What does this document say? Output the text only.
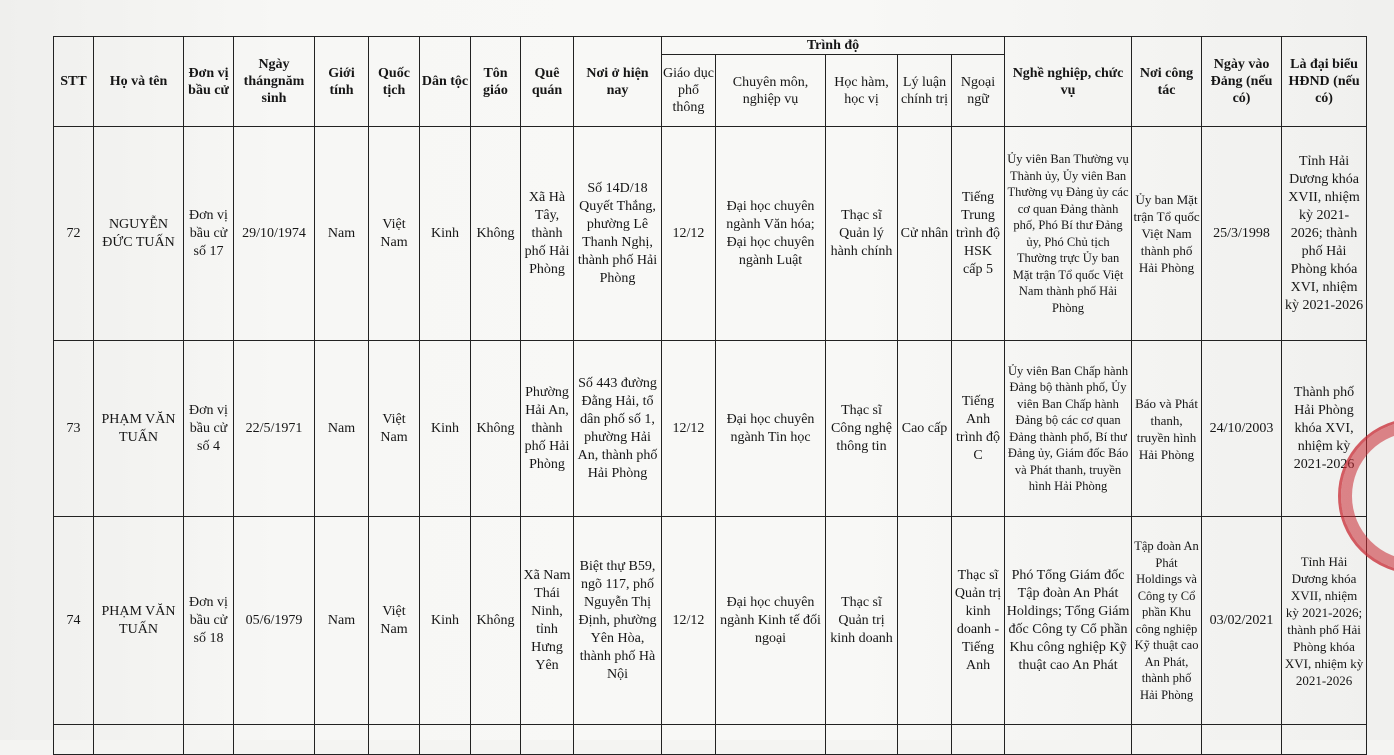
STT	Họ và tên	Đơn vị bầu cử	Ngày thángnăm sinh	Giới tính	Quốc tịch	Dân tộc	Tôn giáo	Quê quán	Nơi ở hiện nay	Trình độ					Nghề nghiệp, chức vụ	Nơi công tác	Ngày vào Đảng (nếu có)	Là đại biểu HĐND (nếu có)
										Giáo dục phổ thông	Chuyên môn, nghiệp vụ	Học hàm, học vị	Lý luận chính trị	Ngoại ngữ				
72	NGUYỄN ĐỨC TUẤN	Đơn vị bầu cử số 17	29/10/1974	Nam	Việt Nam	Kinh	Không	Xã Hà Tây, thành phố Hải Phòng	Số 14D/18 Quyết Thắng, phường Lê Thanh Nghị, thành phố Hải Phòng	12/12	Đại học chuyên ngành Văn hóa; Đại học chuyên ngành Luật	Thạc sĩ Quản lý hành chính	Cử nhân	Tiếng Trung trình độ HSK cấp 5	Ủy viên Ban Thường vụ Thành ủy, Ủy viên Ban Thường vụ Đảng ủy các cơ quan Đảng thành phố, Phó Bí thư Đảng ủy, Phó Chủ tịch Thường trực Ủy ban Mặt trận Tổ quốc Việt Nam thành phố Hải Phòng	Ủy ban Mặt trận Tổ quốc Việt Nam thành phố Hải Phòng	25/3/1998	Tỉnh Hải Dương khóa XVII, nhiệm kỳ 2021-2026; thành phố Hải Phòng khóa XVI, nhiệm kỳ 2021-2026
73	PHẠM VĂN TUẤN	Đơn vị bầu cử số 4	22/5/1971	Nam	Việt Nam	Kinh	Không	Phường Hải An, thành phố Hải Phòng	Số 443 đường Đằng Hải, tổ dân phố số 1, phường Hải An, thành phố Hải Phòng	12/12	Đại học chuyên ngành Tin học	Thạc sĩ Công nghệ thông tin	Cao cấp	Tiếng Anh trình độ C	Ủy viên Ban Chấp hành Đảng bộ thành phố, Ủy viên Ban Chấp hành Đảng bộ các cơ quan Đảng thành phố, Bí thư Đảng ủy, Giám đốc Báo và Phát thanh, truyền hình Hải Phòng	Báo và Phát thanh, truyền hình Hải Phòng	24/10/2003	Thành phố Hải Phòng khóa XVI, nhiệm kỳ 2021-2026
74	PHẠM VĂN TUẤN	Đơn vị bầu cử số 18	05/6/1979	Nam	Việt Nam	Kinh	Không	Xã Nam Thái Ninh, tỉnh Hưng Yên	Biệt thự B59, ngõ 117, phố Nguyễn Thị Định, phường Yên Hòa, thành phố Hà Nội	12/12	Đại học chuyên ngành Kinh tế đối ngoại	Thạc sĩ Quản trị kinh doanh		Thạc sĩ Quản trị kinh doanh - Tiếng Anh	Phó Tổng Giám đốc Tập đoàn An Phát Holdings; Tổng Giám đốc Công ty Cổ phần Khu công nghiệp Kỹ thuật cao An Phát	Tập đoàn An Phát Holdings và Công ty Cổ phần Khu công nghiệp Kỹ thuật cao An Phát, thành phố Hải Phòng	03/02/2021	Tỉnh Hải Dương khóa XVII, nhiệm kỳ 2021-2026; thành phố Hải Phòng khóa XVI, nhiệm kỳ 2021-2026
